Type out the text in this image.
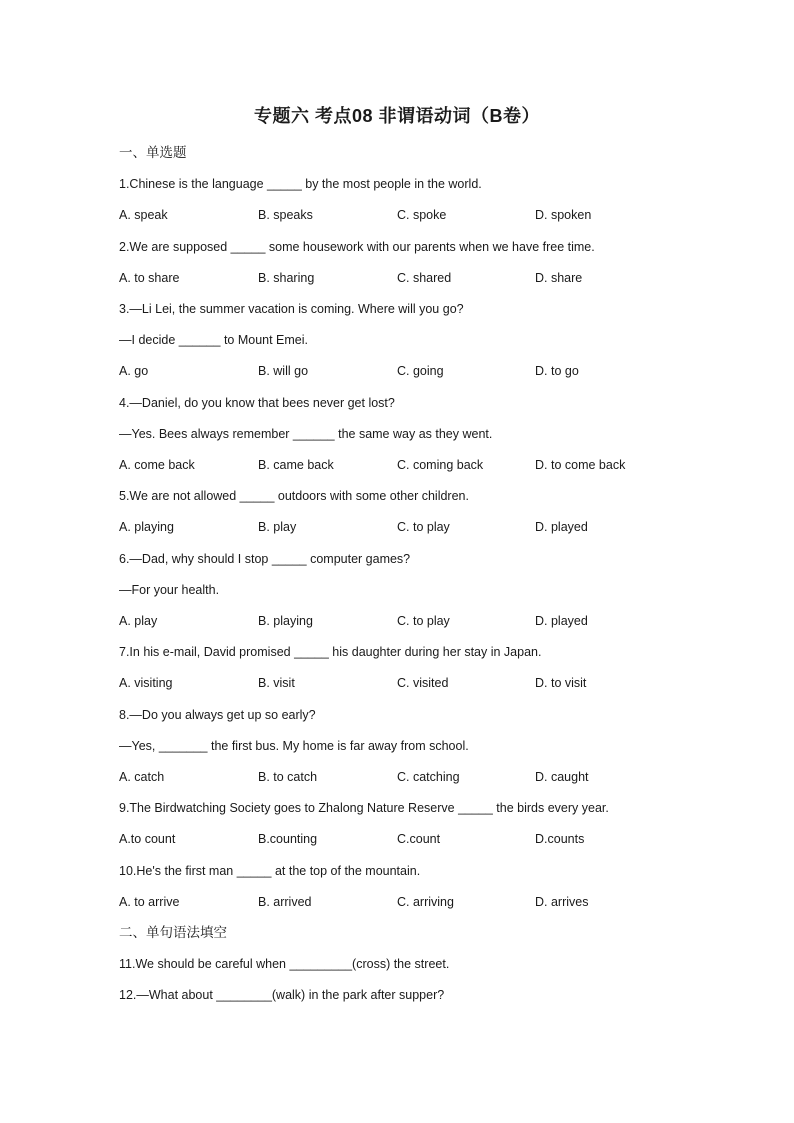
专题六 考点08 非谓语动词（B卷）
一、单选题
1.Chinese is the language _____ by the most people in the world.
A. speak	B. speaks	C. spoke	D. spoken
2.We are supposed _____ some housework with our parents when we have free time.
A. to share	B. sharing	C. shared	D. share
3.—Li Lei, the summer vacation is coming. Where will you go?
—I decide ______ to Mount Emei.
A. go	B. will go	C. going	D. to go
4.—Daniel, do you know that bees never get lost?
—Yes. Bees always remember ______ the same way as they went.
A. come back	B. came back	C. coming back	D. to come back
5.We are not allowed _____ outdoors with some other children.
A. playing	B. play	C. to play	D. played
6.—Dad, why should I stop _____ computer games?
—For your health.
A. play	B. playing	C. to play	D. played
7.In his e-mail, David promised _____ his daughter during her stay in Japan.
A. visiting	B. visit	C. visited	D. to visit
8.—Do you always get up so early?
—Yes, _______ the first bus. My home is far away from school.
A. catch	B. to catch	C. catching	D. caught
9.The Birdwatching Society goes to Zhalong Nature Reserve _____ the birds every year.
A.to count	B.counting	C.count	D.counts
10.He's the first man _____ at the top of the mountain.
A. to arrive	B. arrived	C. arriving	D. arrives
二、单句语法填空
11.We should be careful when _________(cross) the street.
12.—What about ________(walk) in the park after supper?
